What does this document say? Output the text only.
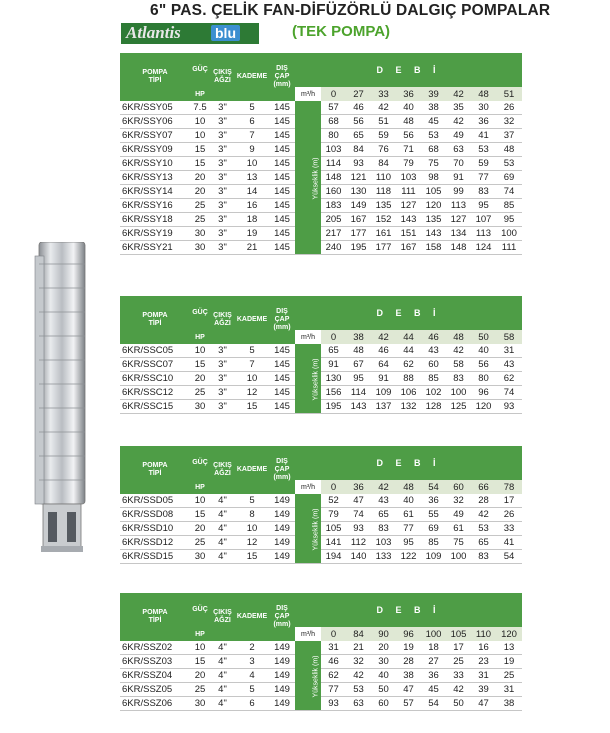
6" PAS. ÇELİK FAN-DİFÜZÖRLÜ DALGIÇ POMPALAR
Atlantis blu	(TEK POMPA)
POMPA
TİPİ	GÜÇ	ÇIKIŞ
AĞZI	KADEME	DIŞ
ÇAP
(mm)	D E B İ								
	HP				m³/h	0	27	33	36	39	42	48	51
6KR/SSY05	7.5	3"	5	145	Yükseklik (m)	57	46	42	40	38	35	30	26
6KR/SSY06	10	3"	6	145		68	56	51	48	45	42	36	32
6KR/SSY07	10	3"	7	145		80	65	59	56	53	49	41	37
6KR/SSY09	15	3"	9	145		103	84	76	71	68	63	53	48
6KR/SSY10	15	3"	10	145		114	93	84	79	75	70	59	53
6KR/SSY13	20	3"	13	145		148	121	110	103	98	91	77	69
6KR/SSY14	20	3"	14	145		160	130	118	111	105	99	83	74
6KR/SSY16	25	3"	16	145		183	149	135	127	120	113	95	85
6KR/SSY18	25	3"	18	145		205	167	152	143	135	127	107	95
6KR/SSY19	30	3"	19	145		217	177	161	151	143	134	113	100
6KR/SSY21	30	3"	21	145		240	195	177	167	158	148	124	111
POMPA
TİPİ	GÜÇ	ÇIKIŞ
AĞZI	KADEME	DIŞ
ÇAP
(mm)	D E B İ								
	HP				m³/h	0	38	42	44	46	48	50	58
6KR/SSC05	10	3"	5	145	Yükseklik (m)	65	48	46	44	43	42	40	31
6KR/SSC07	15	3"	7	145		91	67	64	62	60	58	56	43
6KR/SSC10	20	3"	10	145		130	95	91	88	85	83	80	62
6KR/SSC12	25	3"	12	145		156	114	109	106	102	100	96	74
6KR/SSC15	30	3"	15	145		195	143	137	132	128	125	120	93
POMPA
TİPİ	GÜÇ	ÇIKIŞ
AĞZI	KADEME	DIŞ
ÇAP
(mm)	D E B İ								
	HP				m³/h	0	36	42	48	54	60	66	78
6KR/SSD05	10	4"	5	149	Yükseklik (m)	52	47	43	40	36	32	28	17
6KR/SSD08	15	4"	8	149		79	74	65	61	55	49	42	26
6KR/SSD10	20	4"	10	149		105	93	83	77	69	61	53	33
6KR/SSD12	25	4"	12	149		141	112	103	95	85	75	65	41
6KR/SSD15	30	4"	15	149		194	140	133	122	109	100	83	54
POMPA
TİPİ	GÜÇ	ÇIKIŞ
AĞZI	KADEME	DIŞ
ÇAP
(mm)	D E B İ								
	HP				m³/h	0	84	90	96	100	105	110	120
6KR/SSZ02	10	4"	2	149	Yükseklik (m)	31	21	20	19	18	17	16	13
6KR/SSZ03	15	4"	3	149		46	32	30	28	27	25	23	19
6KR/SSZ04	20	4"	4	149		62	42	40	38	36	33	31	25
6KR/SSZ05	25	4"	5	149		77	53	50	47	45	42	39	31
6KR/SSZ06	30	4"	6	149		93	63	60	57	54	50	47	38
